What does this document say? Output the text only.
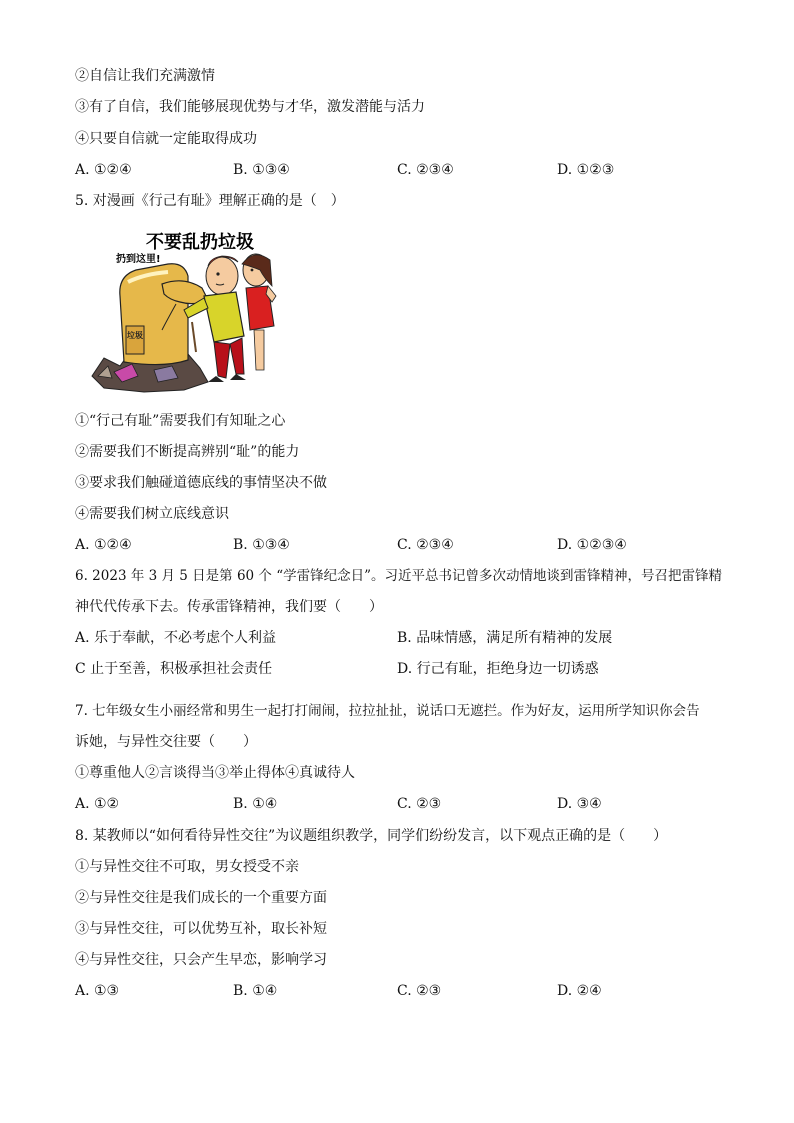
②自信让我们充满激情
③有了自信，我们能够展现优势与才华，激发潜能与活力
④只要自信就一定能取得成功
A. ①②④	B. ①③④	C. ②③④	D. ①②③
5. 对漫画《行己有耻》理解正确的是（　）
垃圾
不要乱扔垃圾
扔到这里!
①“行己有耻”需要我们有知耻之心
②需要我们不断提高辨别“耻”的能力
③要求我们触碰道德底线的事情坚决不做
④需要我们树立底线意识
A. ①②④	B. ①③④	C. ②③④	D. ①②③④
6. 2023 年 3 月 5 日是第 60 个 “学雷锋纪念日”。习近平总书记曾多次动情地谈到雷锋精神，号召把雷锋精
神代代传承下去。传承雷锋精神，我们要（　　）
A. 乐于奉献，不必考虑个人利益	B. 品味情感，满足所有精神的发展
C 止于至善，积极承担社会责任	D. 行己有耻，拒绝身边一切诱惑
7. 七年级女生小丽经常和男生一起打打闹闹，拉拉扯扯，说话口无遮拦。作为好友，运用所学知识你会告
诉她，与异性交往要（　　）
①尊重他人②言谈得当③举止得体④真诚待人
A. ①②	B. ①④	C. ②③	D. ③④
8. 某教师以“如何看待异性交往”为议题组织教学，同学们纷纷发言，以下观点正确的是（　　）
①与异性交往不可取，男女授受不亲
②与异性交往是我们成长的一个重要方面
③与异性交往，可以优势互补，取长补短
④与异性交往，只会产生早恋，影响学习
A. ①③	B. ①④	C. ②③	D. ②④
